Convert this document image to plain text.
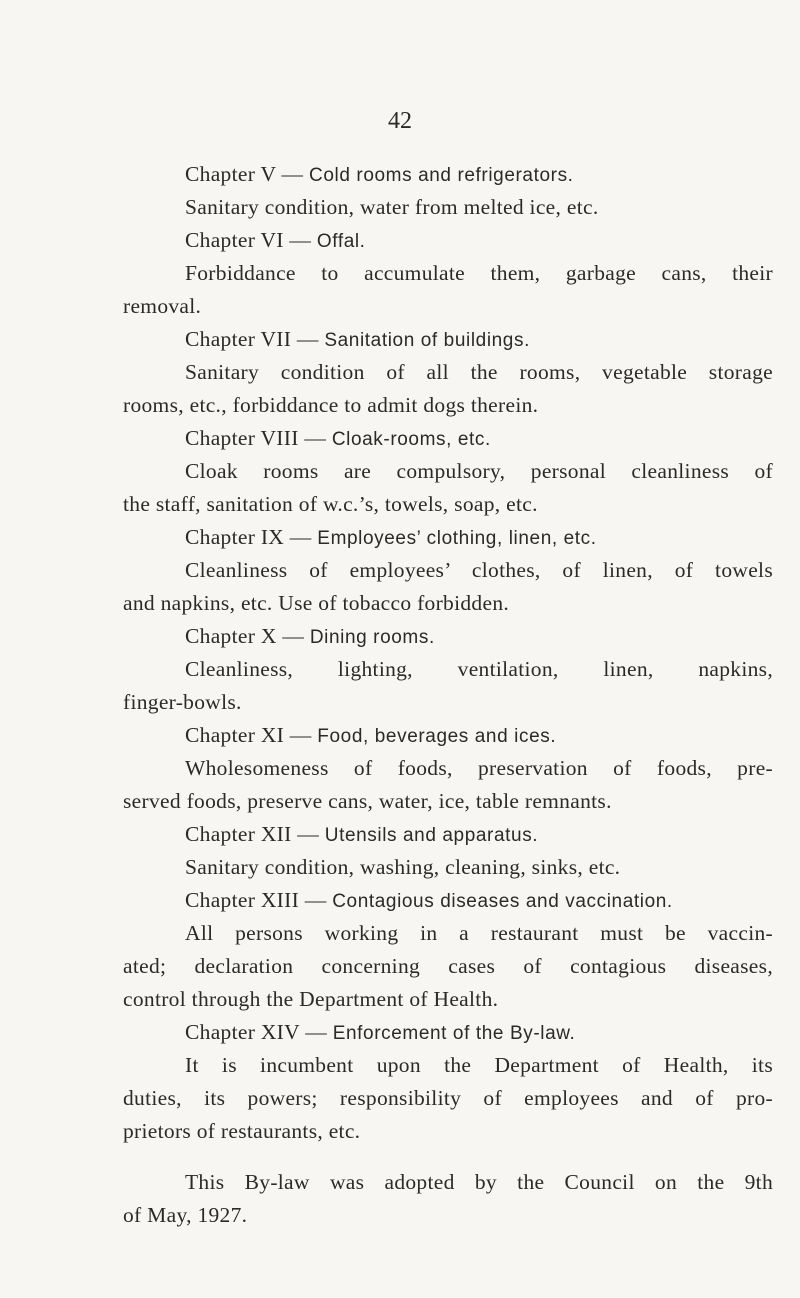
42
Chapter V — Cold rooms and refrigerators.
Sanitary condition, water from melted ice, etc.
Chapter VI — Offal.
Forbiddance to accumulate them, garbage cans, their
removal.
Chapter VII — Sanitation of buildings.
Sanitary condition of all the rooms, vegetable storage
rooms, etc., forbiddance to admit dogs therein.
Chapter VIII — Cloak-rooms, etc.
Cloak rooms are compulsory, personal cleanliness of
the staff, sanitation of w.c.’s, towels, soap, etc.
Chapter IX — Employees’ clothing, linen, etc.
Cleanliness of employees’ clothes, of linen, of towels
and napkins, etc. Use of tobacco forbidden.
Chapter X — Dining rooms.
Cleanliness, lighting, ventilation, linen, napkins,
finger-bowls.
Chapter XI — Food, beverages and ices.
Wholesomeness of foods, preservation of foods, pre-
served foods, preserve cans, water, ice, table remnants.
Chapter XII — Utensils and apparatus.
Sanitary condition, washing, cleaning, sinks, etc.
Chapter XIII — Contagious diseases and vaccination.
All persons working in a restaurant must be vaccin-
ated; declaration concerning cases of contagious diseases,
control through the Department of Health.
Chapter XIV — Enforcement of the By-law.
It is incumbent upon the Department of Health, its
duties, its powers; responsibility of employees and of pro-
prietors of restaurants, etc.
This By-law was adopted by the Council on the 9th
of May, 1927.
